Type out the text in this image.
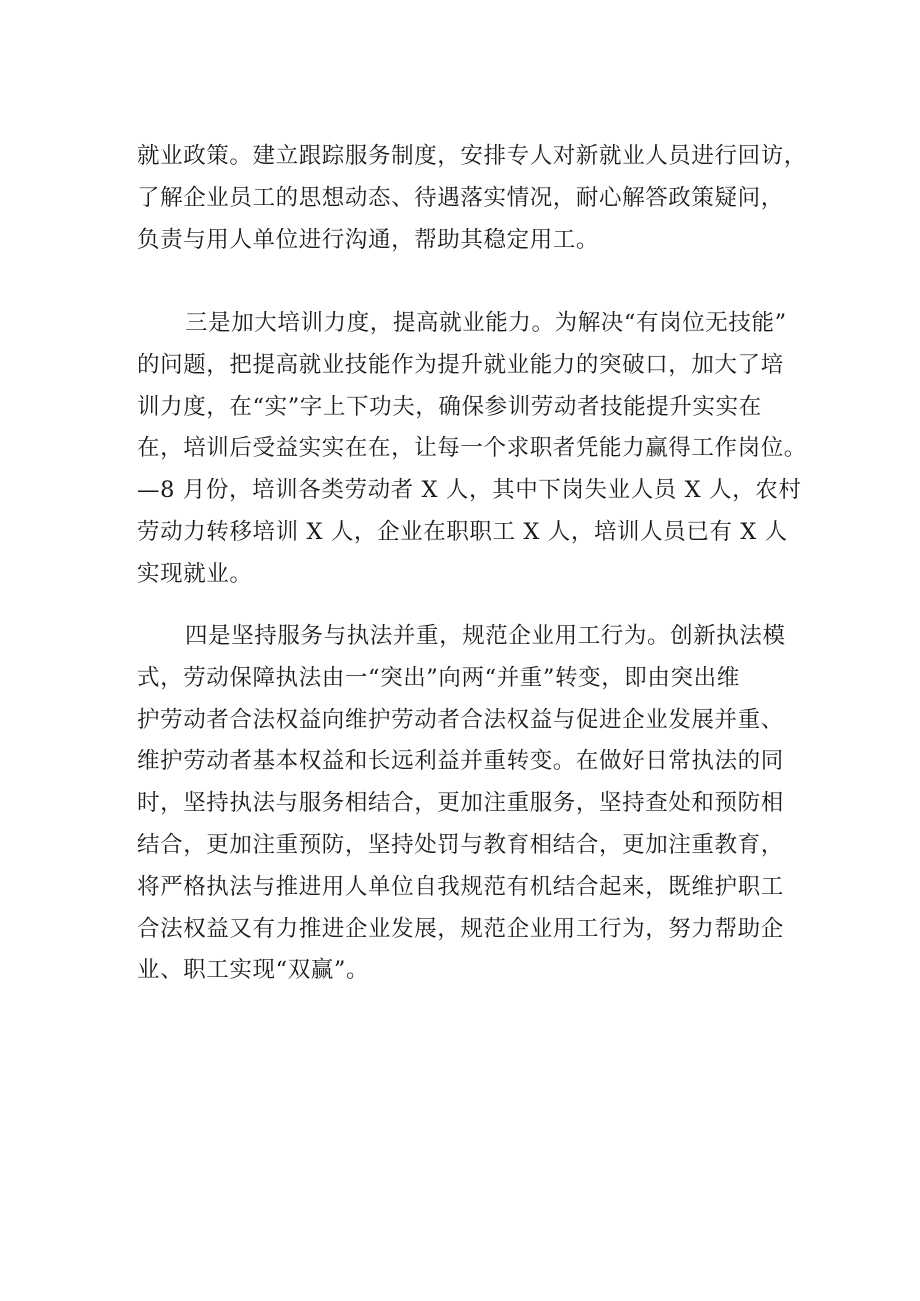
就业政策。建立跟踪服务制度，安排专人对新就业人员进行回访，
了解企业员工的思想动态、待遇落实情况，耐心解答政策疑问，
负责与用人单位进行沟通，帮助其稳定用工。
三是加大培训力度，提高就业能力。为解决“有岗位无技能”
的问题，把提高就业技能作为提升就业能力的突破口，加大了培
训力度，在“实”字上下功夫，确保参训劳动者技能提升实实在
在，培训后受益实实在在，让每一个求职者凭能力赢得工作岗位。
—8 月份，培训各类劳动者 X 人，其中下岗失业人员 X 人，农村
劳动力转移培训 X 人，企业在职职工 X 人，培训人员已有 X 人
实现就业。
四是坚持服务与执法并重，规范企业用工行为。创新执法模
式，劳动保障执法由一“突出”向两“并重”转变，即由突出维
护劳动者合法权益向维护劳动者合法权益与促进企业发展并重、
维护劳动者基本权益和长远利益并重转变。在做好日常执法的同
时，坚持执法与服务相结合，更加注重服务，坚持查处和预防相
结合，更加注重预防，坚持处罚与教育相结合，更加注重教育，
将严格执法与推进用人单位自我规范有机结合起来，既维护职工
合法权益又有力推进企业发展，规范企业用工行为，努力帮助企
业、职工实现“双赢”。
